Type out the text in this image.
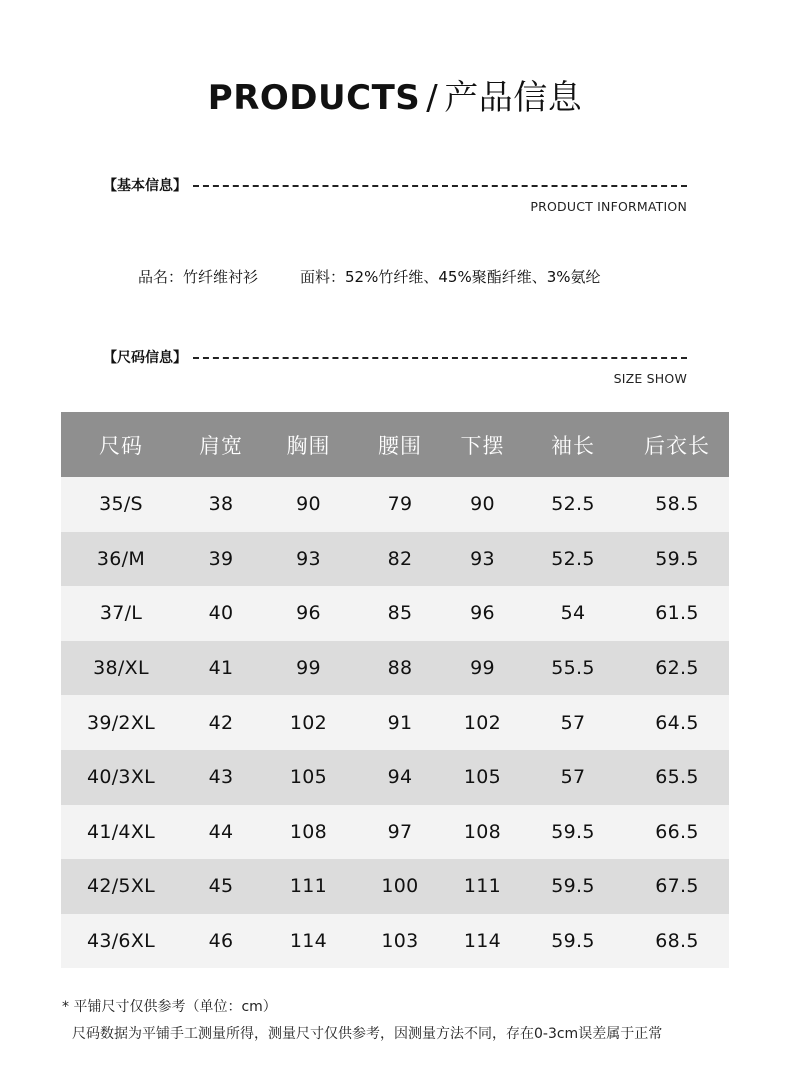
PRODUCTS / 产品信息
【基本信息】
PRODUCT INFORMATION
品名：竹纤维衬衫	面料：52%竹纤维、45%聚酯纤维、3%氨纶
【尺码信息】
SIZE SHOW
尺码	肩宽	胸围	腰围	下摆	袖长	后衣长
35/S	38	90	79	90	52.5	58.5
36/M	39	93	82	93	52.5	59.5
37/L	40	96	85	96	54	61.5
38/XL	41	99	88	99	55.5	62.5
39/2XL	42	102	91	102	57	64.5
40/3XL	43	105	94	105	57	65.5
41/4XL	44	108	97	108	59.5	66.5
42/5XL	45	111	100	111	59.5	67.5
43/6XL	46	114	103	114	59.5	68.5
* 平铺尺寸仅供参考（单位：cm）
尺码数据为平铺手工测量所得，测量尺寸仅供参考，因测量方法不同，存在0-3cm误差属于正常
